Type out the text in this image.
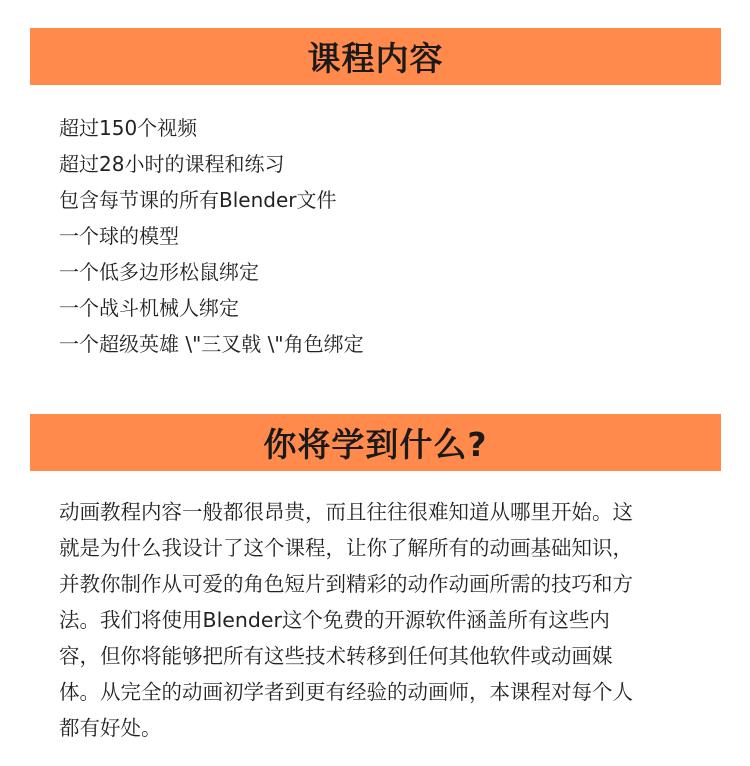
课程内容
超过150个视频
超过28小时的课程和练习
包含每节课的所有Blender文件
一个球的模型
一个低多边形松鼠绑定
一个战斗机械人绑定
一个超级英雄 \"三叉戟 \"角色绑定
你将学到什么?

动画教程内容一般都很昂贵，而且往往很难知道从哪里开始。这
就是为什么我设计了这个课程，让你了解所有的动画基础知识，
并教你制作从可爱的角色短片到精彩的动作动画所需的技巧和方
法。我们将使用Blender这个免费的开源软件涵盖所有这些内
容，但你将能够把所有这些技术转移到任何其他软件或动画媒
体。从完全的动画初学者到更有经验的动画师，本课程对每个人
都有好处。
